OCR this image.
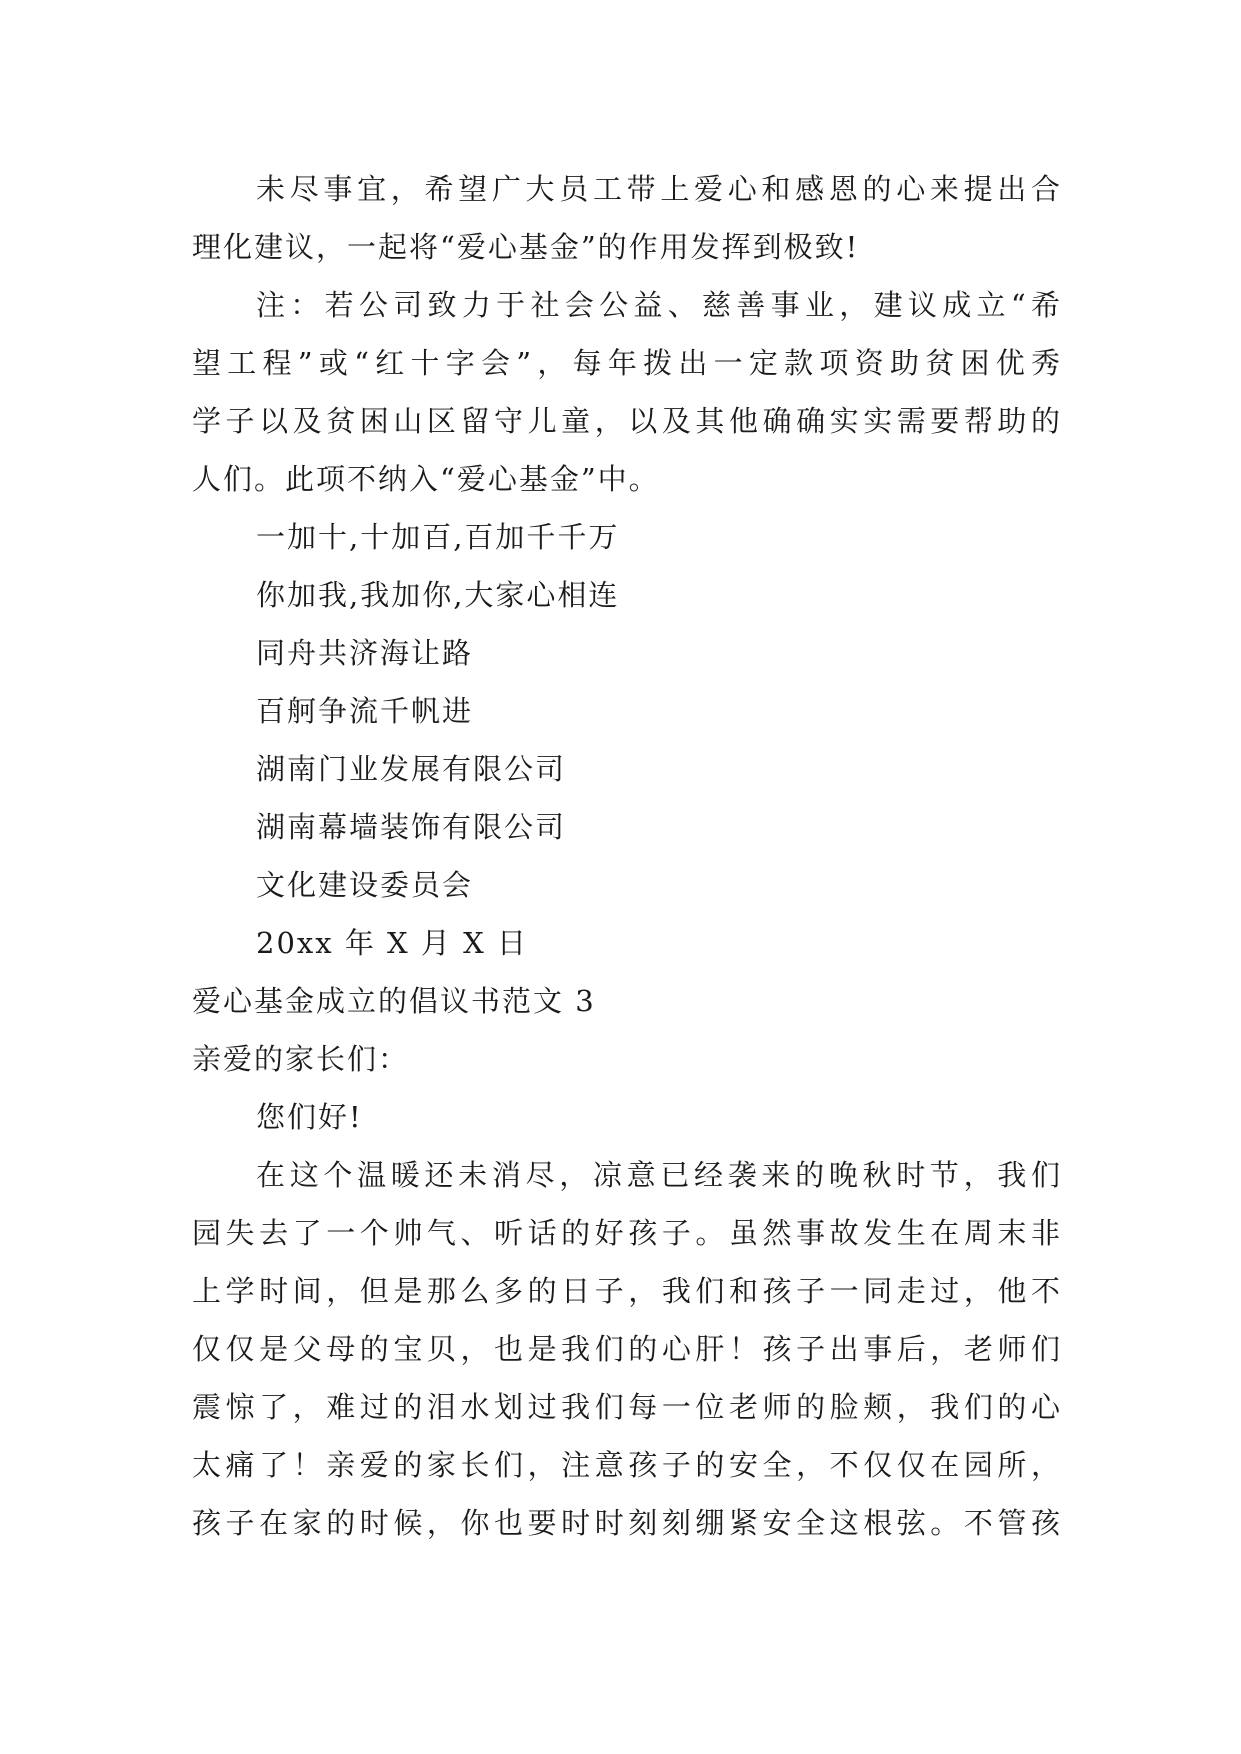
未尽事宜，希望广大员工带上爱心和感恩的心来提出合
理化建议，一起将“爱心基金”的作用发挥到极致!
注：若公司致力于社会公益、慈善事业，建议成立“希
望工程”或“红十字会”，每年拨出一定款项资助贫困优秀
学子以及贫困山区留守儿童，以及其他确确实实需要帮助的
人们。此项不纳入“爱心基金”中。
一加十,十加百,百加千千万
你加我,我加你,大家心相连
同舟共济海让路
百舸争流千帆进
湖南门业发展有限公司
湖南幕墙装饰有限公司
文化建设委员会
20xx 年 X 月 X 日
爱心基金成立的倡议书范文 3
亲爱的家长们：
您们好!
在这个温暖还未消尽，凉意已经袭来的晚秋时节，我们
园失去了一个帅气、听话的好孩子。虽然事故发生在周末非
上学时间，但是那么多的日子，我们和孩子一同走过，他不
仅仅是父母的宝贝，也是我们的心肝！孩子出事后，老师们
震惊了，难过的泪水划过我们每一位老师的脸颊，我们的心
太痛了！亲爱的家长们，注意孩子的安全，不仅仅在园所，
孩子在家的时候，你也要时时刻刻绷紧安全这根弦。不管孩
